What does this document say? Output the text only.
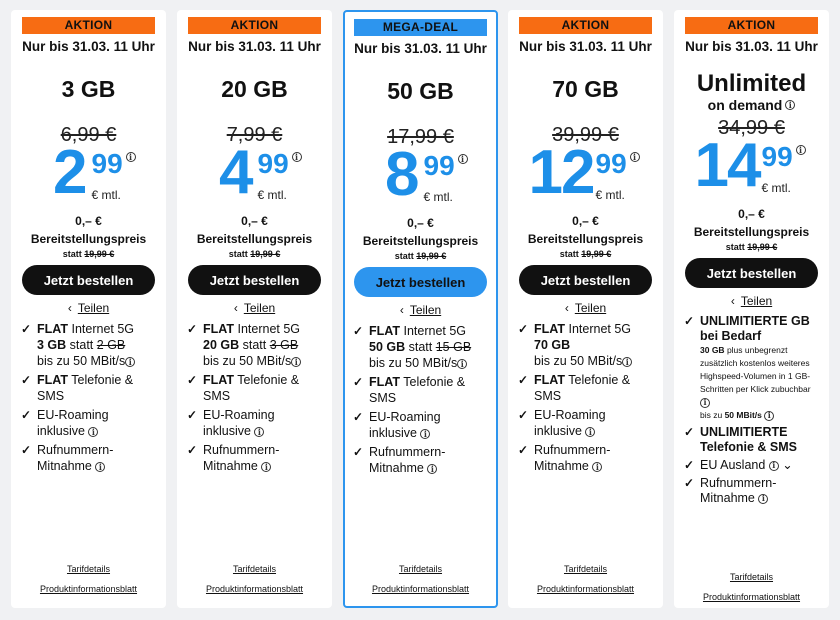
AKTION
Nur bis 31.03. 11 Uhr
3 GB
6,99 €
2 99 i
€ mtl.
0,– €
Bereitstellungspreis
statt 19,99 €
Jetzt bestellen
‹ Teilen
✓ FLAT Internet 5G
3 GB statt 2 GB
bis zu 50 MBit/s i
✓ FLAT Telefonie & SMS
✓ EU-Roaming inklusive i
✓ Rufnummern-Mitnahme i
Tarifdetails
Produktinformationsblatt
AKTION
Nur bis 31.03. 11 Uhr
20 GB
7,99 €
4 99 i
€ mtl.
0,– €
Bereitstellungspreis
statt 19,99 €
Jetzt bestellen
‹ Teilen
✓ FLAT Internet 5G
20 GB statt 3 GB
bis zu 50 MBit/s i
✓ FLAT Telefonie & SMS
✓ EU-Roaming inklusive i
✓ Rufnummern-Mitnahme i
Tarifdetails
Produktinformationsblatt
MEGA-DEAL
Nur bis 31.03. 11 Uhr
50 GB
17,99 €
8 99 i
€ mtl.
0,– €
Bereitstellungspreis
statt 19,99 €
Jetzt bestellen
‹ Teilen
✓ FLAT Internet 5G
50 GB statt 15 GB
bis zu 50 MBit/s i
✓ FLAT Telefonie & SMS
✓ EU-Roaming inklusive i
✓ Rufnummern-Mitnahme i
Tarifdetails
Produktinformationsblatt
AKTION
Nur bis 31.03. 11 Uhr
70 GB
39,99 €
12 99 i
€ mtl.
0,– €
Bereitstellungspreis
statt 19,99 €
Jetzt bestellen
‹ Teilen
✓ FLAT Internet 5G
70 GB
bis zu 50 MBit/s i
✓ FLAT Telefonie & SMS
✓ EU-Roaming inklusive i
✓ Rufnummern-Mitnahme i
Tarifdetails
Produktinformationsblatt
AKTION
Nur bis 31.03. 11 Uhr
Unlimited
on demand i
34,99 €
14 99 i
€ mtl.
0,– €
Bereitstellungspreis
statt 19,99 €
Jetzt bestellen
‹ Teilen
✓ UNLIMITIERTE GB bei Bedarf
30 GB plus unbegrenzt zusätzlich kostenlos weiteres Highspeed-Volumen in 1 GB-Schritten per Klick zubuchbar i
bis zu 50 MBit/s i
✓ UNLIMITIERTE Telefonie & SMS
✓ EU Ausland i ⌄
✓ Rufnummern-Mitnahme i
Tarifdetails
Produktinformationsblatt
